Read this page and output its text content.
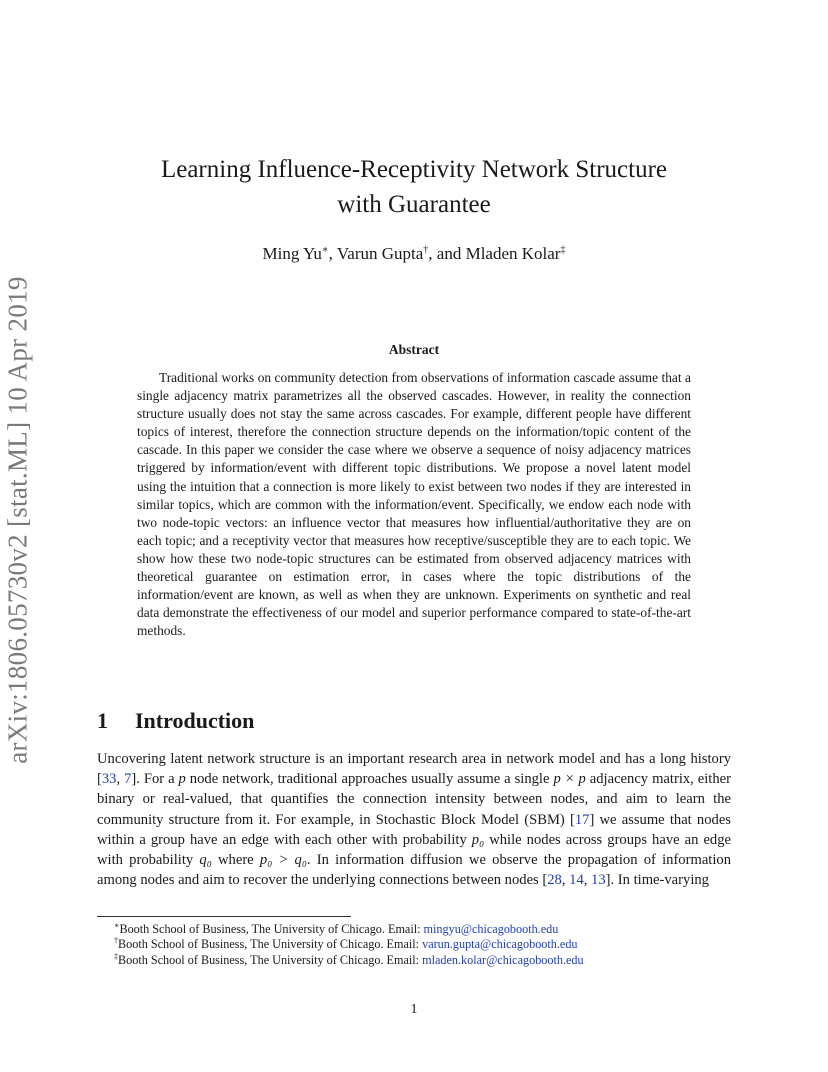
arXiv:1806.05730v2 [stat.ML] 10 Apr 2019
Learning Influence-Receptivity Network Structure
with Guarantee
Ming Yu∗, Varun Gupta†, and Mladen Kolar‡
Abstract

Traditional works on community detection from observations of information cascade assume that a single adjacency matrix parametrizes all the observed cascades. However, in reality the connection structure usually does not stay the same across cascades. For example, different people have different topics of interest, therefore the connection structure depends on the information/topic content of the cascade. In this paper we consider the case where we observe a sequence of noisy adjacency matrices triggered by information/event with different topic distributions. We propose a novel latent model using the intuition that a connection is more likely to exist between two nodes if they are interested in similar topics, which are common with the information/event. Specifically, we endow each node with two node-topic vectors: an influence vector that measures how influential/authoritative they are on each topic; and a receptivity vector that measures how receptive/susceptible they are to each topic. We show how these two node-topic structures can be estimated from observed adjacency matrices with theoretical guarantee on estimation error, in cases where the topic distributions of the information/event are known, as well as when they are unknown. Experiments on synthetic and real data demonstrate the effectiveness of our model and superior performance compared to state-of-the-art methods.

1 Introduction

Uncovering latent network structure is an important research area in network model and has a long history [33, 7]. For a p node network, traditional approaches usually assume a single p × p adjacency matrix, either binary or real-valued, that quantifies the connection intensity between nodes, and aim to learn the community structure from it. For example, in Stochastic Block Model (SBM) [17] we assume that nodes within a group have an edge with each other with probability p₀ while nodes across groups have an edge with probability q₀ where p₀ > q₀. In information diffusion we observe the propagation of information among nodes and aim to recover the underlying connections between nodes [28, 14, 13]. In time-varying

∗Booth School of Business, The University of Chicago. Email: mingyu@chicagobooth.edu
†Booth School of Business, The University of Chicago. Email: varun.gupta@chicagobooth.edu
‡Booth School of Business, The University of Chicago. Email: mladen.kolar@chicagobooth.edu
1
